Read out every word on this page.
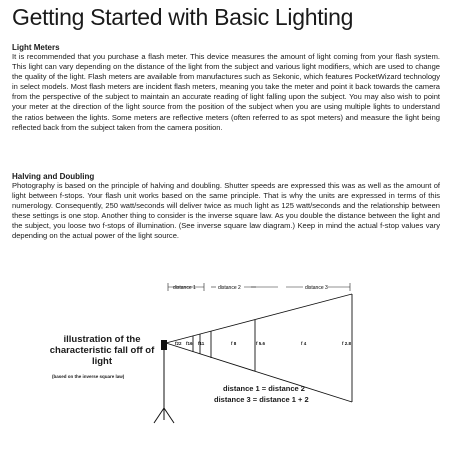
Getting Started with Basic Lighting
Light Meters

It is recommended that you purchase a flash meter. This device measures the amount of light coming from your flash system. This light can vary depending on the distance of the light from the subject and various light modifiers, which are used to change the quality of the light. Flash meters are available from manufactures such as Sekonic, which features PocketWizard technology in select models. Most flash meters are incident flash meters, meaning you take the meter and point it back towards the camera from the perspective of the subject to maintain an accurate reading of light falling upon the subject. You may also wish to point your meter at the direction of the light source from the position of the subject when you are using multiple lights to understand the ratios between the lights. Some meters are reflective meters (often referred to as spot meters) and measure the light being reflected back from the subject taken from the camera position.

Halving and Doubling

Photography is based on the principle of halving and doubling. Shutter speeds are expressed this was as well as the amount of light between f-stops. Your flash unit works based on the same principle. That is why the units are expressed in terms of this numerology. Consequently, 250 watt/seconds will deliver twice as much light as 125 watt/seconds and the relationship between these settings is one stop. Another thing to consider is the inverse square law. As you double the distance between the light and the subject, you loose two f-stops of illumination. (See inverse square law diagram.) Keep in mind the actual f-stop values vary depending on the actual power of the light source.

distance 1	distance 2	distance 3
f22 f16 f11	f 8	f 5.6	f 4	f 2.8

illustration of the characteristic fall off of light

(based on the inverse square law)

distance 1 = distance 2

distance 3 = distance 1 + 2
